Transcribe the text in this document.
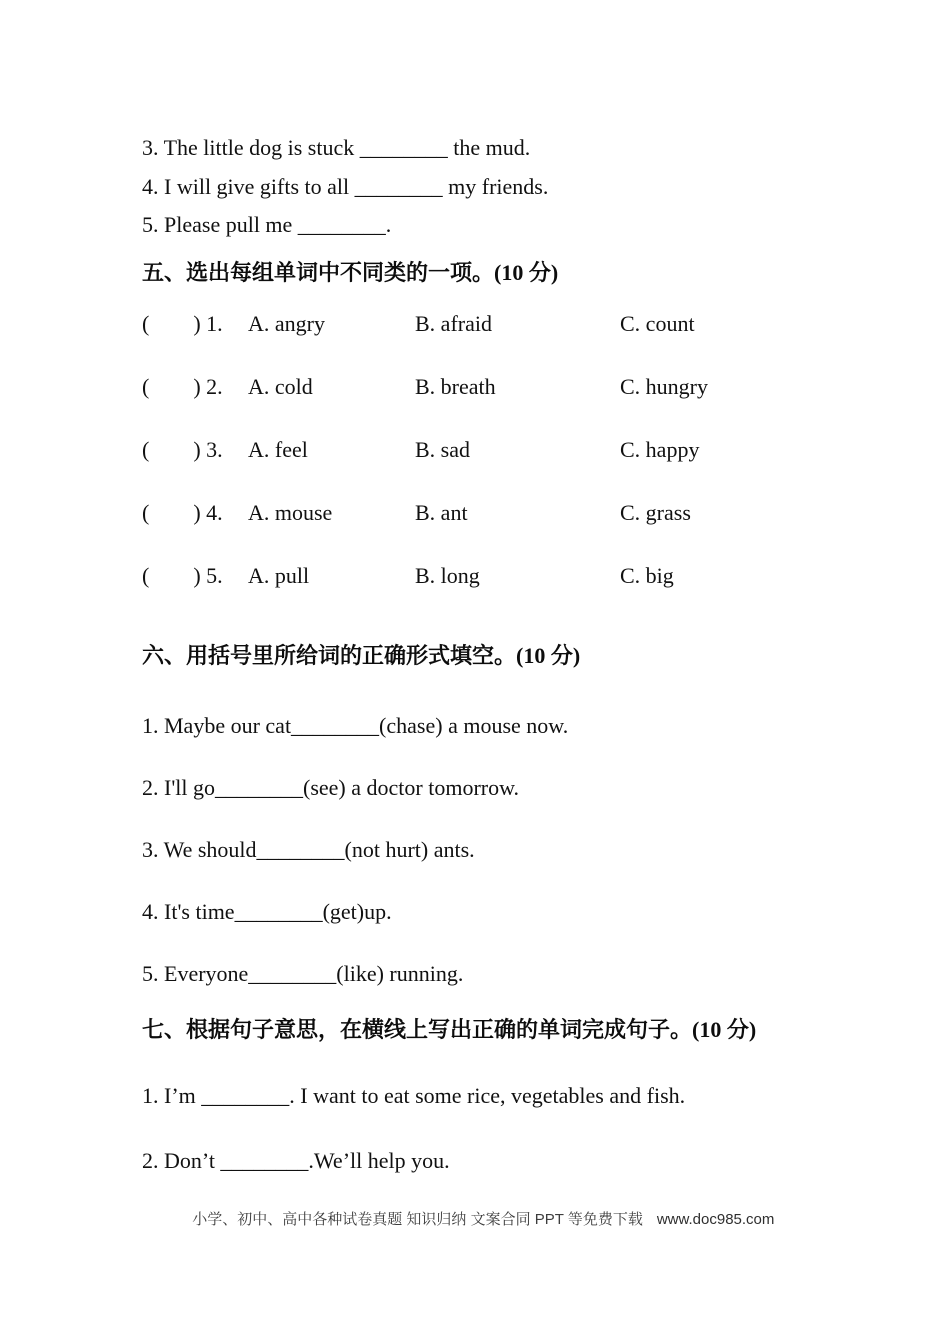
3. The little dog is stuck ________ the mud.

4. I will give gifts to all ________ my friends.

5. Please pull me ________.

五、选出每组单词中不同类的一项。(10 分)
(　　) 1.	A. angry	B. afraid	C. count
(　　) 2.	A. cold	B. breath	C. hungry
(　　) 3.	A. feel	B. sad	C. happy
(　　) 4.	A. mouse	B. ant	C. grass
(　　) 5.	A. pull	B. long	C. big
六、用括号里所给词的正确形式填空。(10 分)

1. Maybe our cat________(chase) a mouse now.

2. I'll go________(see) a doctor tomorrow.

3. We should________(not hurt) ants.

4. It's time________(get)up.

5. Everyone________(like) running.

七、根据句子意思，在横线上写出正确的单词完成句子。(10 分)

1. I’m ________. I want to eat some rice, vegetables and fish.

2. Don’t ________.We’ll help you.

小学、初中、高中各种试卷真题 知识归纳 文案合同 PPT 等免费下载 www.doc985.com
